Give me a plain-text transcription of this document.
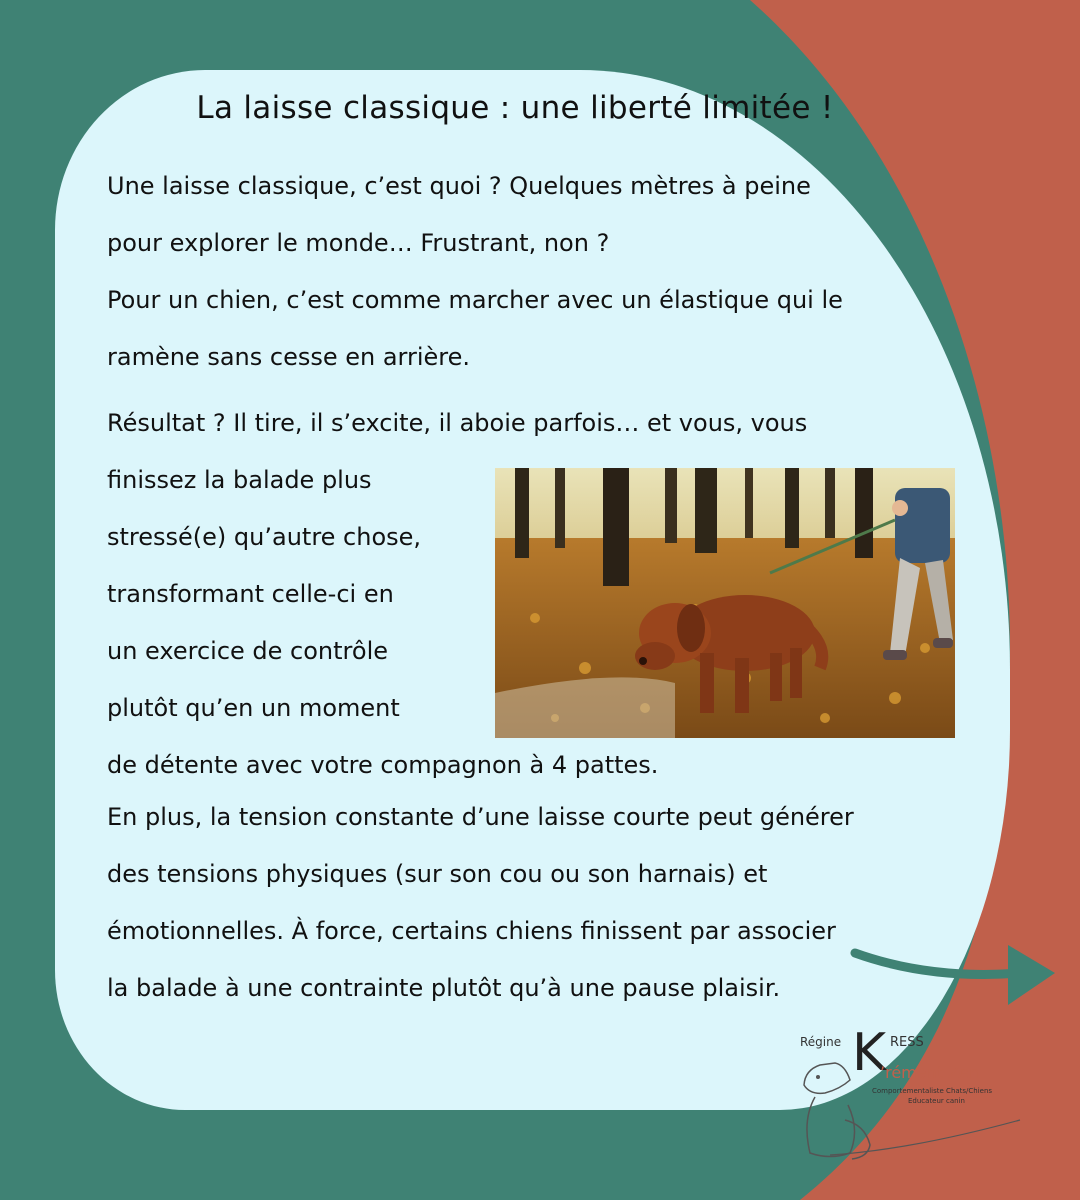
La laisse classique : une liberté limitée !

Une laisse classique, c’est quoi ? Quelques mètres à peine
pour explorer le monde… Frustrant, non ?
Pour un chien, c’est comme marcher avec un élastique qui le
ramène sans cesse en arrière.

Résultat ? Il tire, il s’excite, il aboie parfois… et vous, vous
finissez la balade plus
stressé(e) qu’autre chose,
transformant celle-ci en
un exercice de contrôle
plutôt qu’en un moment
de détente avec votre compagnon à 4 pattes.

En plus, la tension constante d’une laisse courte peut générer
des tensions physiques (sur son cou ou son harnais) et
émotionnelles. À force, certains chiens finissent par associer
la balade à une contrainte plutôt qu’à une pause plaisir.

Régine K RESS
’rément Zen
Comportementaliste Chats/Chiens
Educateur canin
